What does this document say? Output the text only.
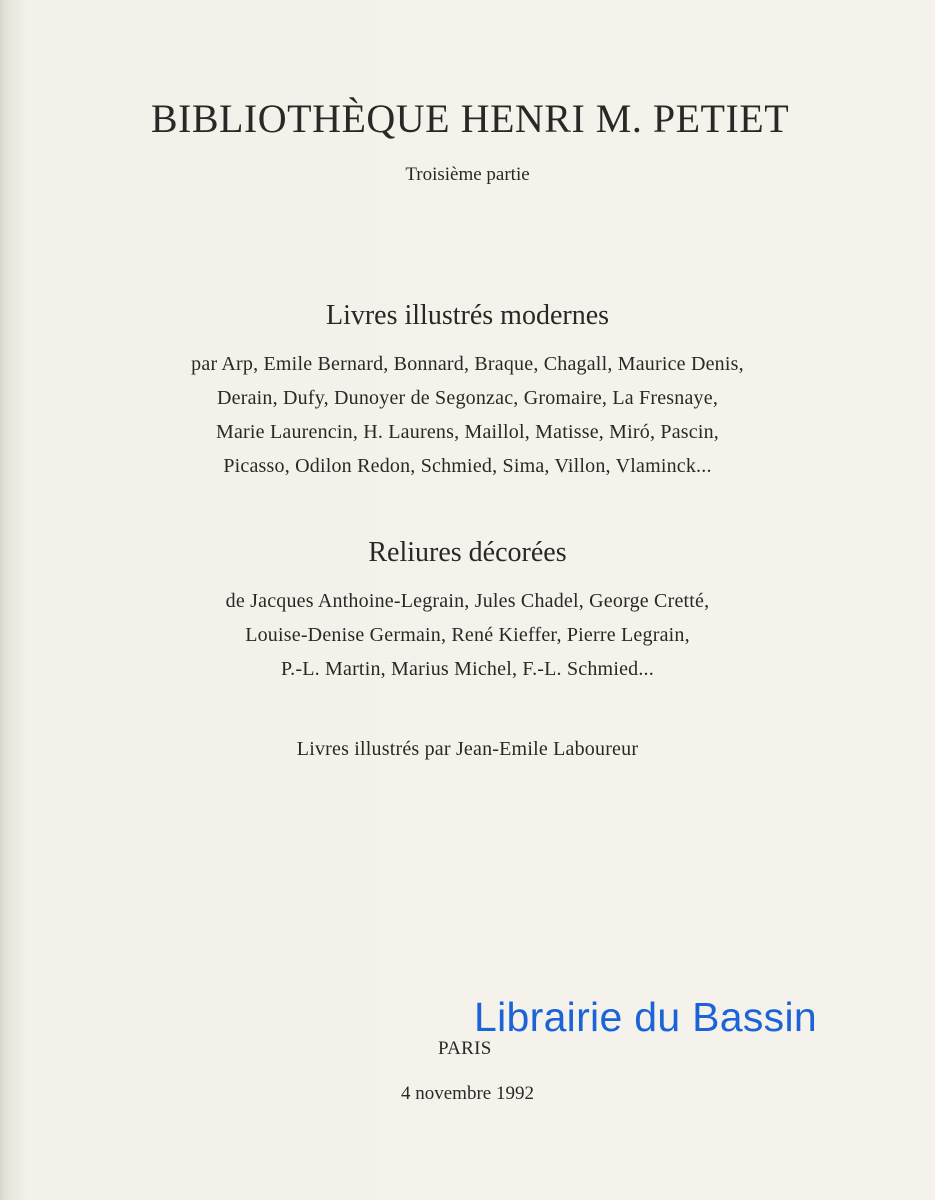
BIBLIOTHÈQUE HENRI M. PETIET
Troisième partie
Livres illustrés modernes
par Arp, Emile Bernard, Bonnard, Braque, Chagall, Maurice Denis,
Derain, Dufy, Dunoyer de Segonzac, Gromaire, La Fresnaye,
Marie Laurencin, H. Laurens, Maillol, Matisse, Miró, Pascin,
Picasso, Odilon Redon, Schmied, Sima, Villon, Vlaminck...
Reliures décorées
de Jacques Anthoine-Legrain, Jules Chadel, George Cretté,
Louise-Denise Germain, René Kieffer, Pierre Legrain,
P.-L. Martin, Marius Michel, F.-L. Schmied...
Livres illustrés par Jean-Emile Laboureur
PARIS
4 novembre 1992
Librairie du Bassin
